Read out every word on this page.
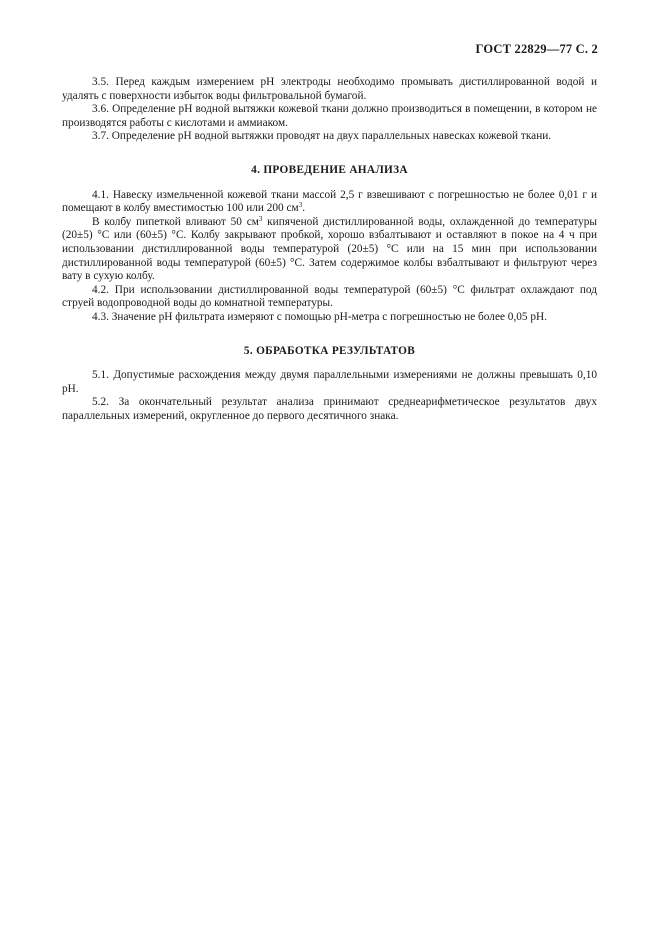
ГОСТ 22829—77 С. 2

3.5. Перед каждым измерением pH электроды необходимо промывать дистиллированной водой и удалять с поверхности избыток воды фильтровальной бумагой.

3.6. Определение pH водной вытяжки кожевой ткани должно производиться в помещении, в котором не производятся работы с кислотами и аммиаком.

3.7. Определение pH водной вытяжки проводят на двух параллельных навесках кожевой ткани.

4. ПРОВЕДЕНИЕ АНАЛИЗА

4.1. Навеску измельченной кожевой ткани массой 2,5 г взвешивают с погрешностью не более 0,01 г и помещают в колбу вместимостью 100 или 200 $см^3$.

В колбу пипеткой вливают 50 $см^3$ кипяченой дистиллированной воды, охлажденной до температуры (20±5) °С или (60±5) °С. Колбу закрывают пробкой, хорошо взбалтывают и оставляют в покое на 4 ч при использовании дистиллированной воды температурой (20±5) °С или на 15 мин при использовании дистиллированной воды температурой (60±5) °С. Затем содержимое колбы взбалтывают и фильтруют через вату в сухую колбу.

4.2. При использовании дистиллированной воды температурой (60±5) °С фильтрат охлаждают под струей водопроводной воды до комнатной температуры.

4.3. Значение pH фильтрата измеряют с помощью pH-метра с погрешностью не более 0,05 pH.

5. ОБРАБОТКА РЕЗУЛЬТАТОВ

5.1. Допустимые расхождения между двумя параллельными измерениями не должны превышать 0,10 pH.

5.2. За окончательный результат анализа принимают среднеарифметическое результатов двух параллельных измерений, округленное до первого десятичного знака.
